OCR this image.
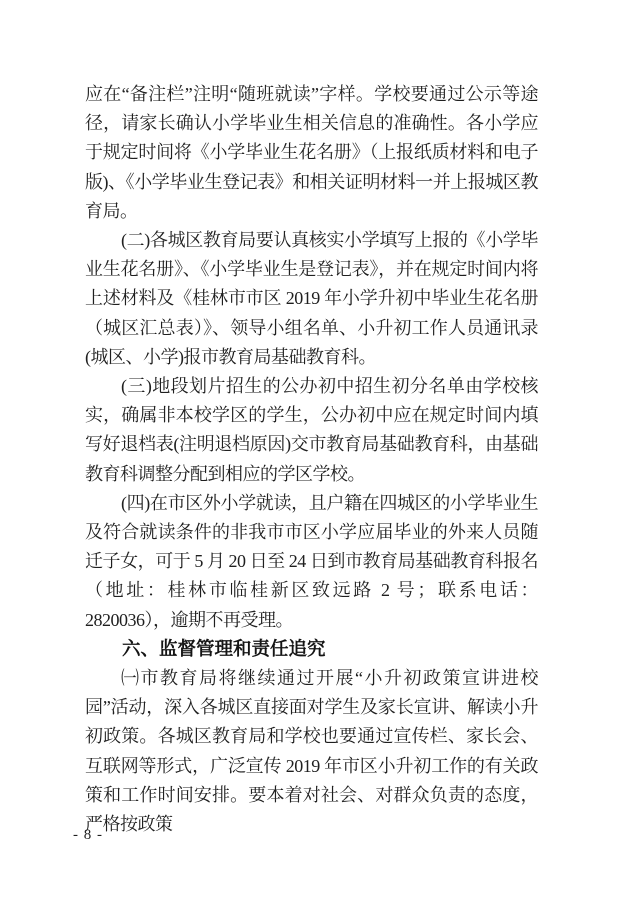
应在“备注栏”注明“随班就读”字样。学校要通过公示等途径，请家长确认小学毕业生相关信息的准确性。各小学应于规定时间将《小学毕业生花名册》（上报纸质材料和电子版)、《小学毕业生登记表》和相关证明材料一并上报城区教育局。

(二)各城区教育局要认真核实小学填写上报的《小学毕业生花名册》、《小学毕业生是登记表》，并在规定时间内将上述材料及《桂林市市区 2019 年小学升初中毕业生花名册（城区汇总表）》、领导小组名单、小升初工作人员通讯录(城区、小学)报市教育局基础教育科。

(三)地段划片招生的公办初中招生初分名单由学校核实，确属非本校学区的学生，公办初中应在规定时间内填写好退档表(注明退档原因)交市教育局基础教育科，由基础教育科调整分配到相应的学区学校。

(四)在市区外小学就读，且户籍在四城区的小学毕业生及符合就读条件的非我市市区小学应届毕业的外来人员随迁子女，可于 5 月 20 日至 24 日到市教育局基础教育科报名（地址：桂林市临桂新区致远路 2 号；联系电话：2820036），逾期不再受理。

六、监督管理和责任追究

㈠市教育局将继续通过开展“小升初政策宣讲进校园”活动，深入各城区直接面对学生及家长宣讲、解读小升初政策。各城区教育局和学校也要通过宣传栏、家长会、互联网等形式，广泛宣传 2019 年市区小升初工作的有关政策和工作时间安排。要本着对社会、对群众负责的态度，严格按政策

- 8 -
